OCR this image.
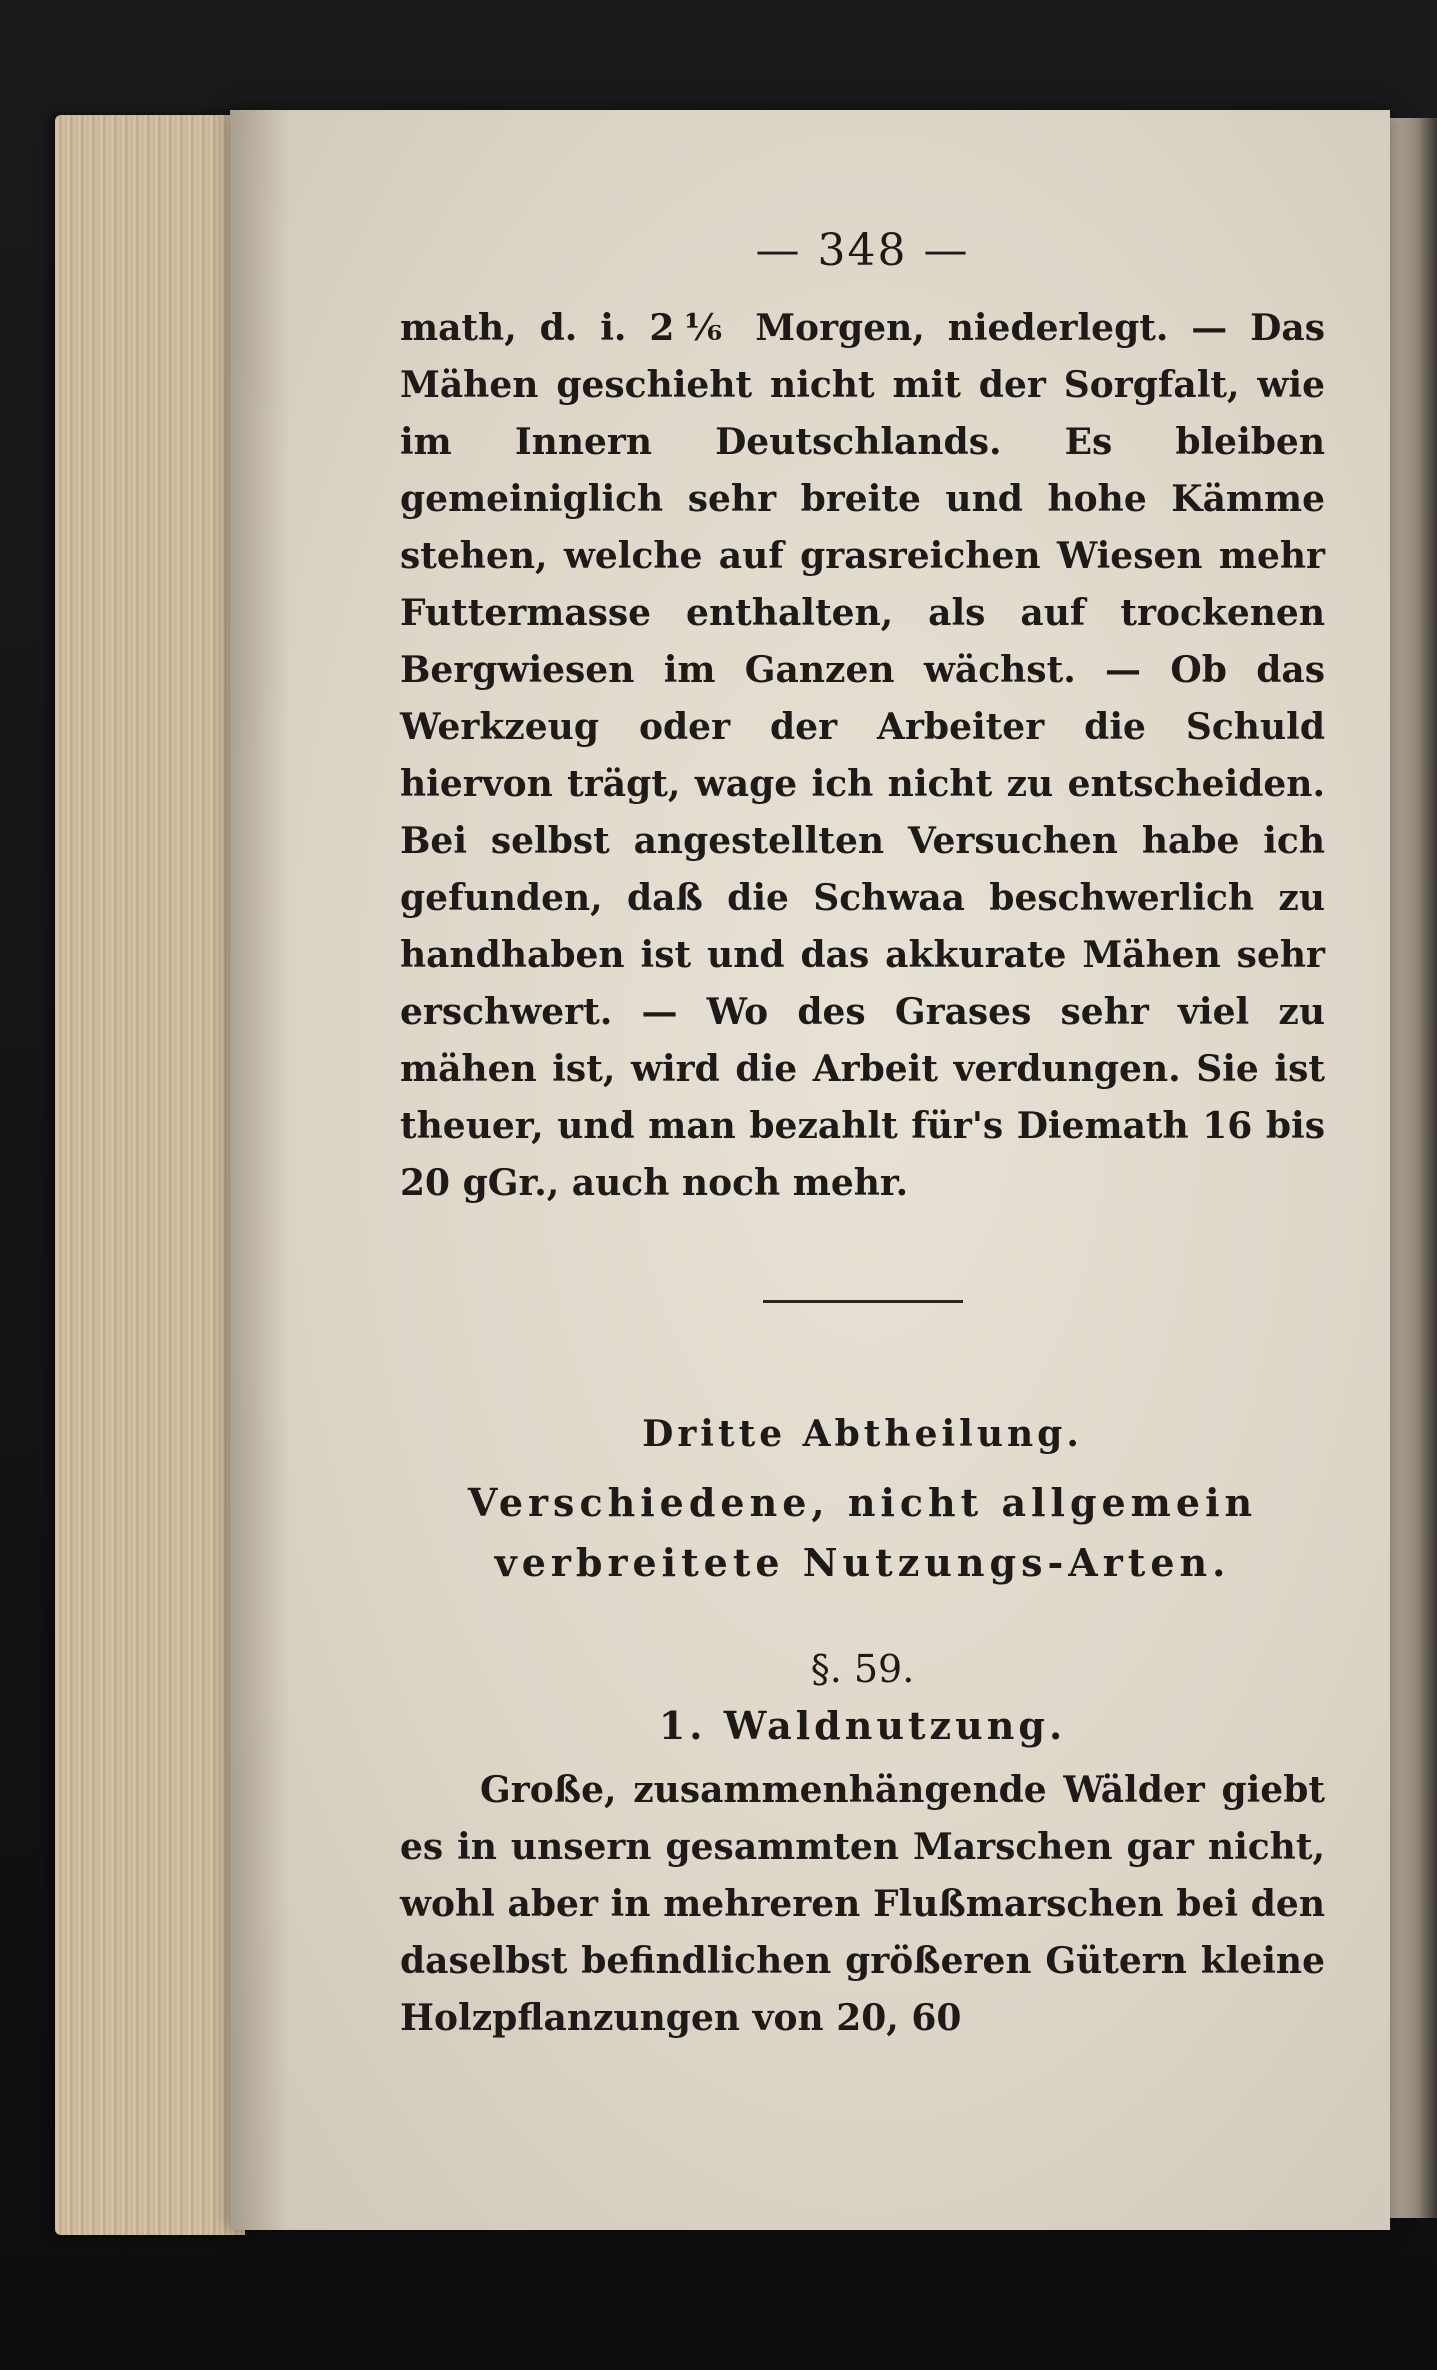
— 348 —

math, d. i. 2⅙ Morgen, niederlegt. — Das Mähen geschieht nicht mit der Sorgfalt, wie im Innern Deutschlands. Es bleiben gemeiniglich sehr breite und hohe Kämme stehen, welche auf grasreichen Wiesen mehr Futtermasse enthalten, als auf trockenen Bergwiesen im Ganzen wächst. — Ob das Werkzeug oder der Arbeiter die Schuld hiervon trägt, wage ich nicht zu entscheiden. Bei selbst angestellten Versuchen habe ich gefunden, daß die Schwaa beschwerlich zu handhaben ist und das akkurate Mähen sehr erschwert. — Wo des Grases sehr viel zu mähen ist, wird die Arbeit verdungen. Sie ist theuer, und man bezahlt für's Diemath 16 bis 20 gGr., auch noch mehr.

Dritte Abtheilung.
Verschiedene, nicht allgemein verbreitete Nutzungs-Arten.
§. 59.
1. Waldnutzung.

Große, zusammenhängende Wälder giebt es in unsern gesammten Marschen gar nicht, wohl aber in mehreren Flußmarschen bei den daselbst befindlichen größeren Gütern kleine Holzpflanzungen von 20, 60
